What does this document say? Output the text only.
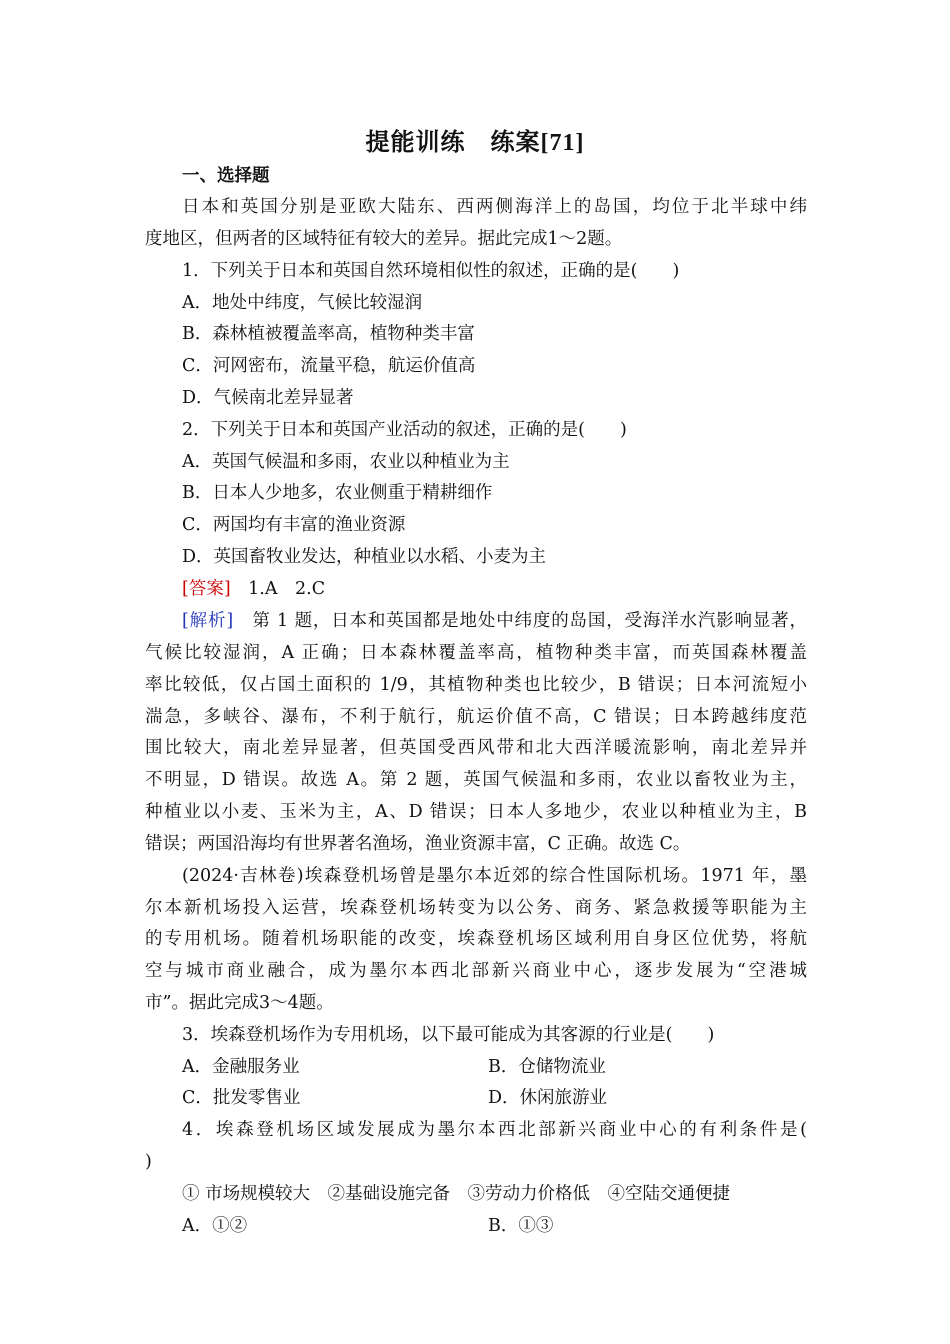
提能训练　练案[71]
一、选择题
日本和英国分别是亚欧大陆东、西两侧海洋上的岛国，均位于北半球中纬
度地区，但两者的区域特征有较大的差异。据此完成1～2题。
1．下列关于日本和英国自然环境相似性的叙述，正确的是(　　)
A．地处中纬度，气候比较湿润
B．森林植被覆盖率高，植物种类丰富
C．河网密布，流量平稳，航运价值高
D．气候南北差异显著
2．下列关于日本和英国产业活动的叙述，正确的是(　　)
A．英国气候温和多雨，农业以种植业为主
B．日本人少地多，农业侧重于精耕细作
C．两国均有丰富的渔业资源
D．英国畜牧业发达，种植业以水稻、小麦为主
[答案]　1.A　2.C
[解析]　第 1 题，日本和英国都是地处中纬度的岛国，受海洋水汽影响显著，
气候比较湿润，A 正确；日本森林覆盖率高，植物种类丰富，而英国森林覆盖
率比较低，仅占国土面积的 1/9，其植物种类也比较少，B 错误；日本河流短小
湍急，多峡谷、瀑布，不利于航行，航运价值不高，C 错误；日本跨越纬度范
围比较大，南北差异显著，但英国受西风带和北大西洋暖流影响，南北差异并
不明显，D 错误。故选 A。第 2 题，英国气候温和多雨，农业以畜牧业为主，
种植业以小麦、玉米为主，A、D 错误；日本人多地少，农业以种植业为主，B
错误；两国沿海均有世界著名渔场，渔业资源丰富，C 正确。故选 C。
(2024·吉林卷)埃森登机场曾是墨尔本近郊的综合性国际机场。1971 年，墨
尔本新机场投入运营，埃森登机场转变为以公务、商务、紧急救援等职能为主
的专用机场。随着机场职能的改变，埃森登机场区域利用自身区位优势，将航
空与城市商业融合，成为墨尔本西北部新兴商业中心，逐步发展为“空港城
市”。据此完成3～4题。
3．埃森登机场作为专用机场，以下最可能成为其客源的行业是(　　)
A．金融服务业	B．仓储物流业
C．批发零售业	D．休闲旅游业
4．埃森登机场区域发展成为墨尔本西北部新兴商业中心的有利条件是(
)
① 市场规模较大　②基础设施完备　③劳动力价格低　④空陆交通便捷
A．①②	B．①③
